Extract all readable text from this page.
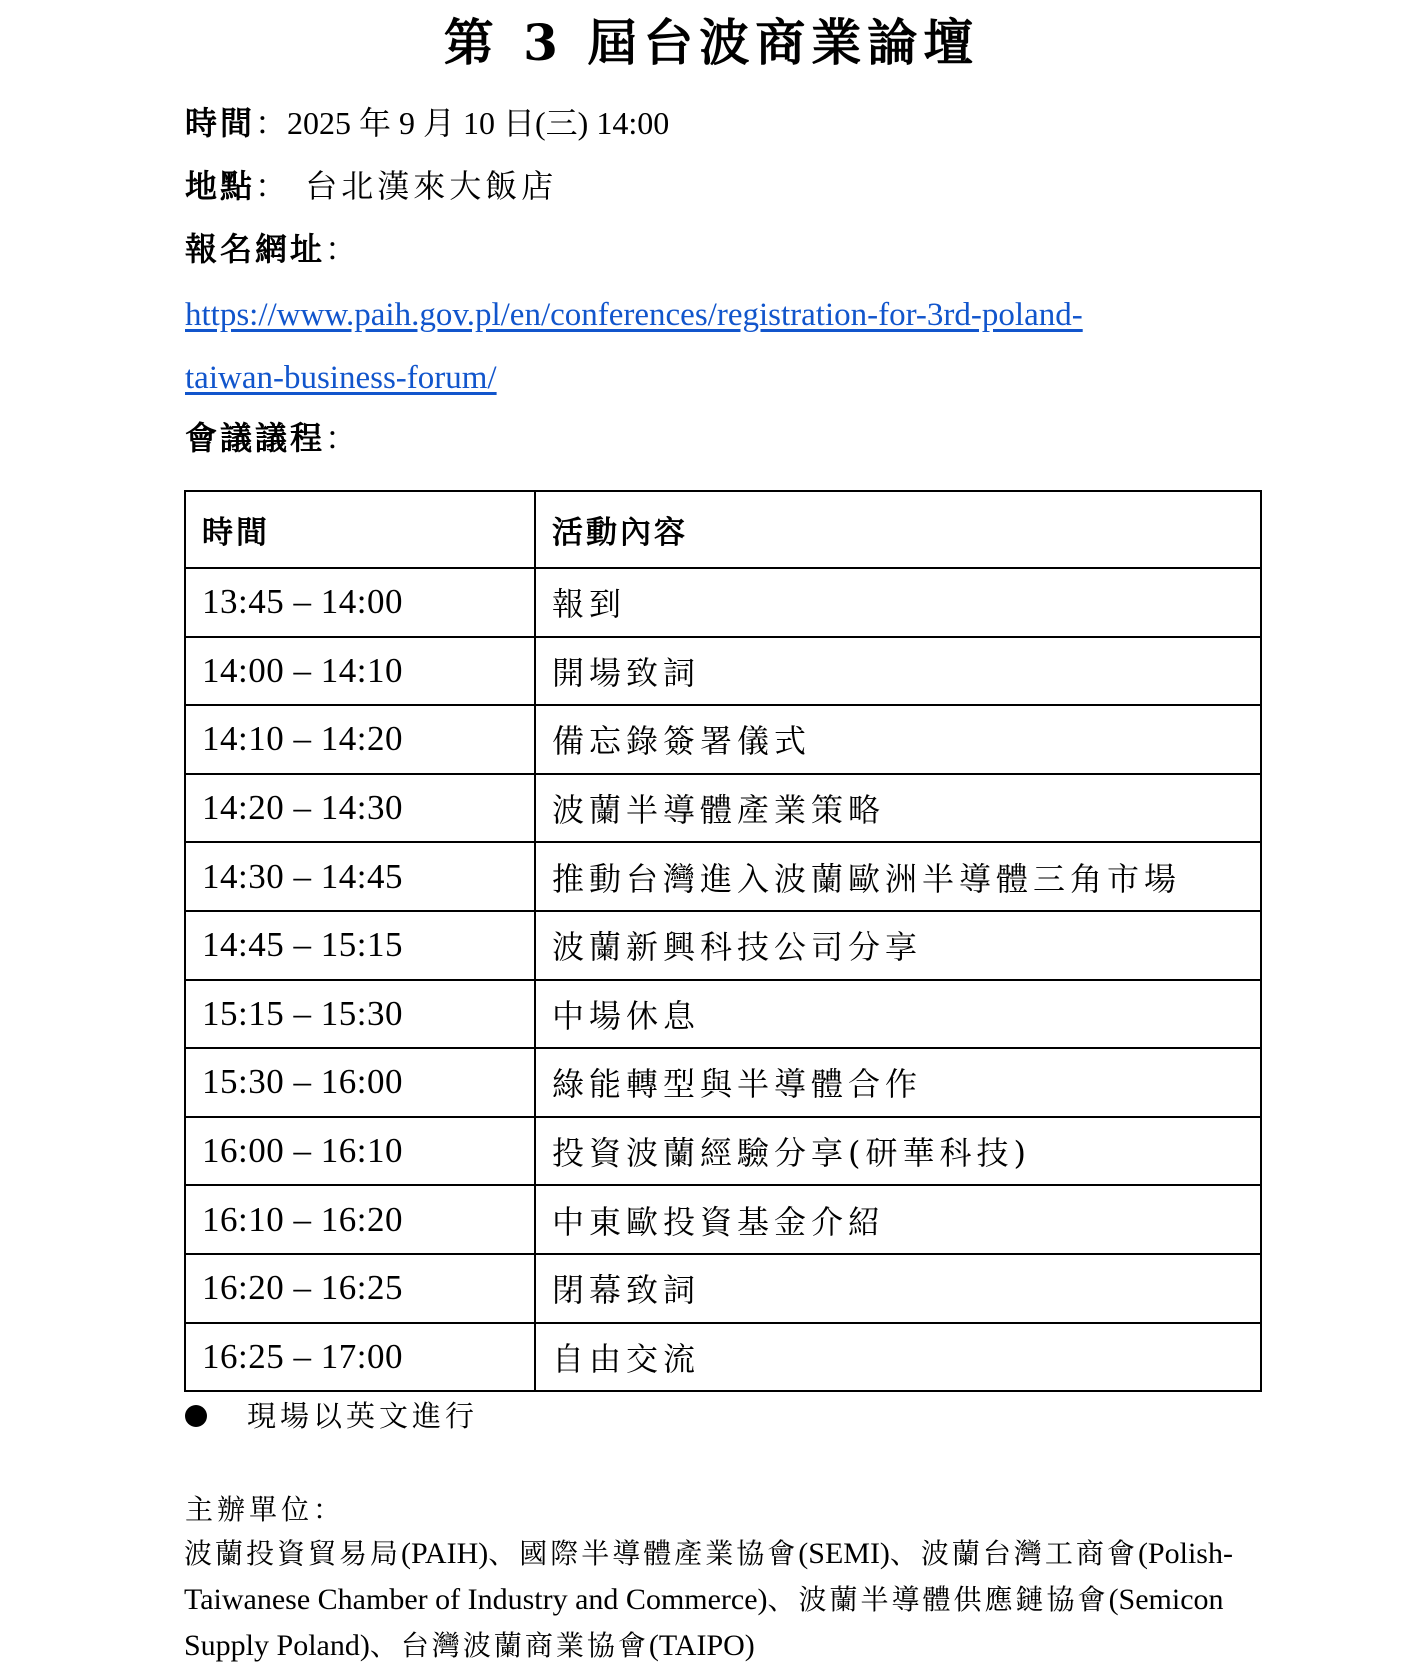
第 3 屆台波商業論壇
時間：2025 年 9 月 10 日(三) 14:00
地點： 台北漢來大飯店
報名網址：
https://www.paih.gov.pl/en/conferences/registration-for-3rd-poland-
taiwan-business-forum/
會議議程：
時間	活動內容
13:45 – 14:00	報到
14:00 – 14:10	開場致詞
14:10 – 14:20	備忘錄簽署儀式
14:20 – 14:30	波蘭半導體產業策略
14:30 – 14:45	推動台灣進入波蘭歐洲半導體三角市場
14:45 – 15:15	波蘭新興科技公司分享
15:15 – 15:30	中場休息
15:30 – 16:00	綠能轉型與半導體合作
16:00 – 16:10	投資波蘭經驗分享(研華科技)
16:10 – 16:20	中東歐投資基金介紹
16:20 – 16:25	閉幕致詞
16:25 – 17:00	自由交流
現場以英文進行
主辦單位：
波蘭投資貿易局(PAIH)、國際半導體產業協會(SEMI)、波蘭台灣工商會(Polish-
Taiwanese Chamber of Industry and Commerce)、波蘭半導體供應鏈協會(Semicon
Supply Poland)、台灣波蘭商業協會(TAIPO)
